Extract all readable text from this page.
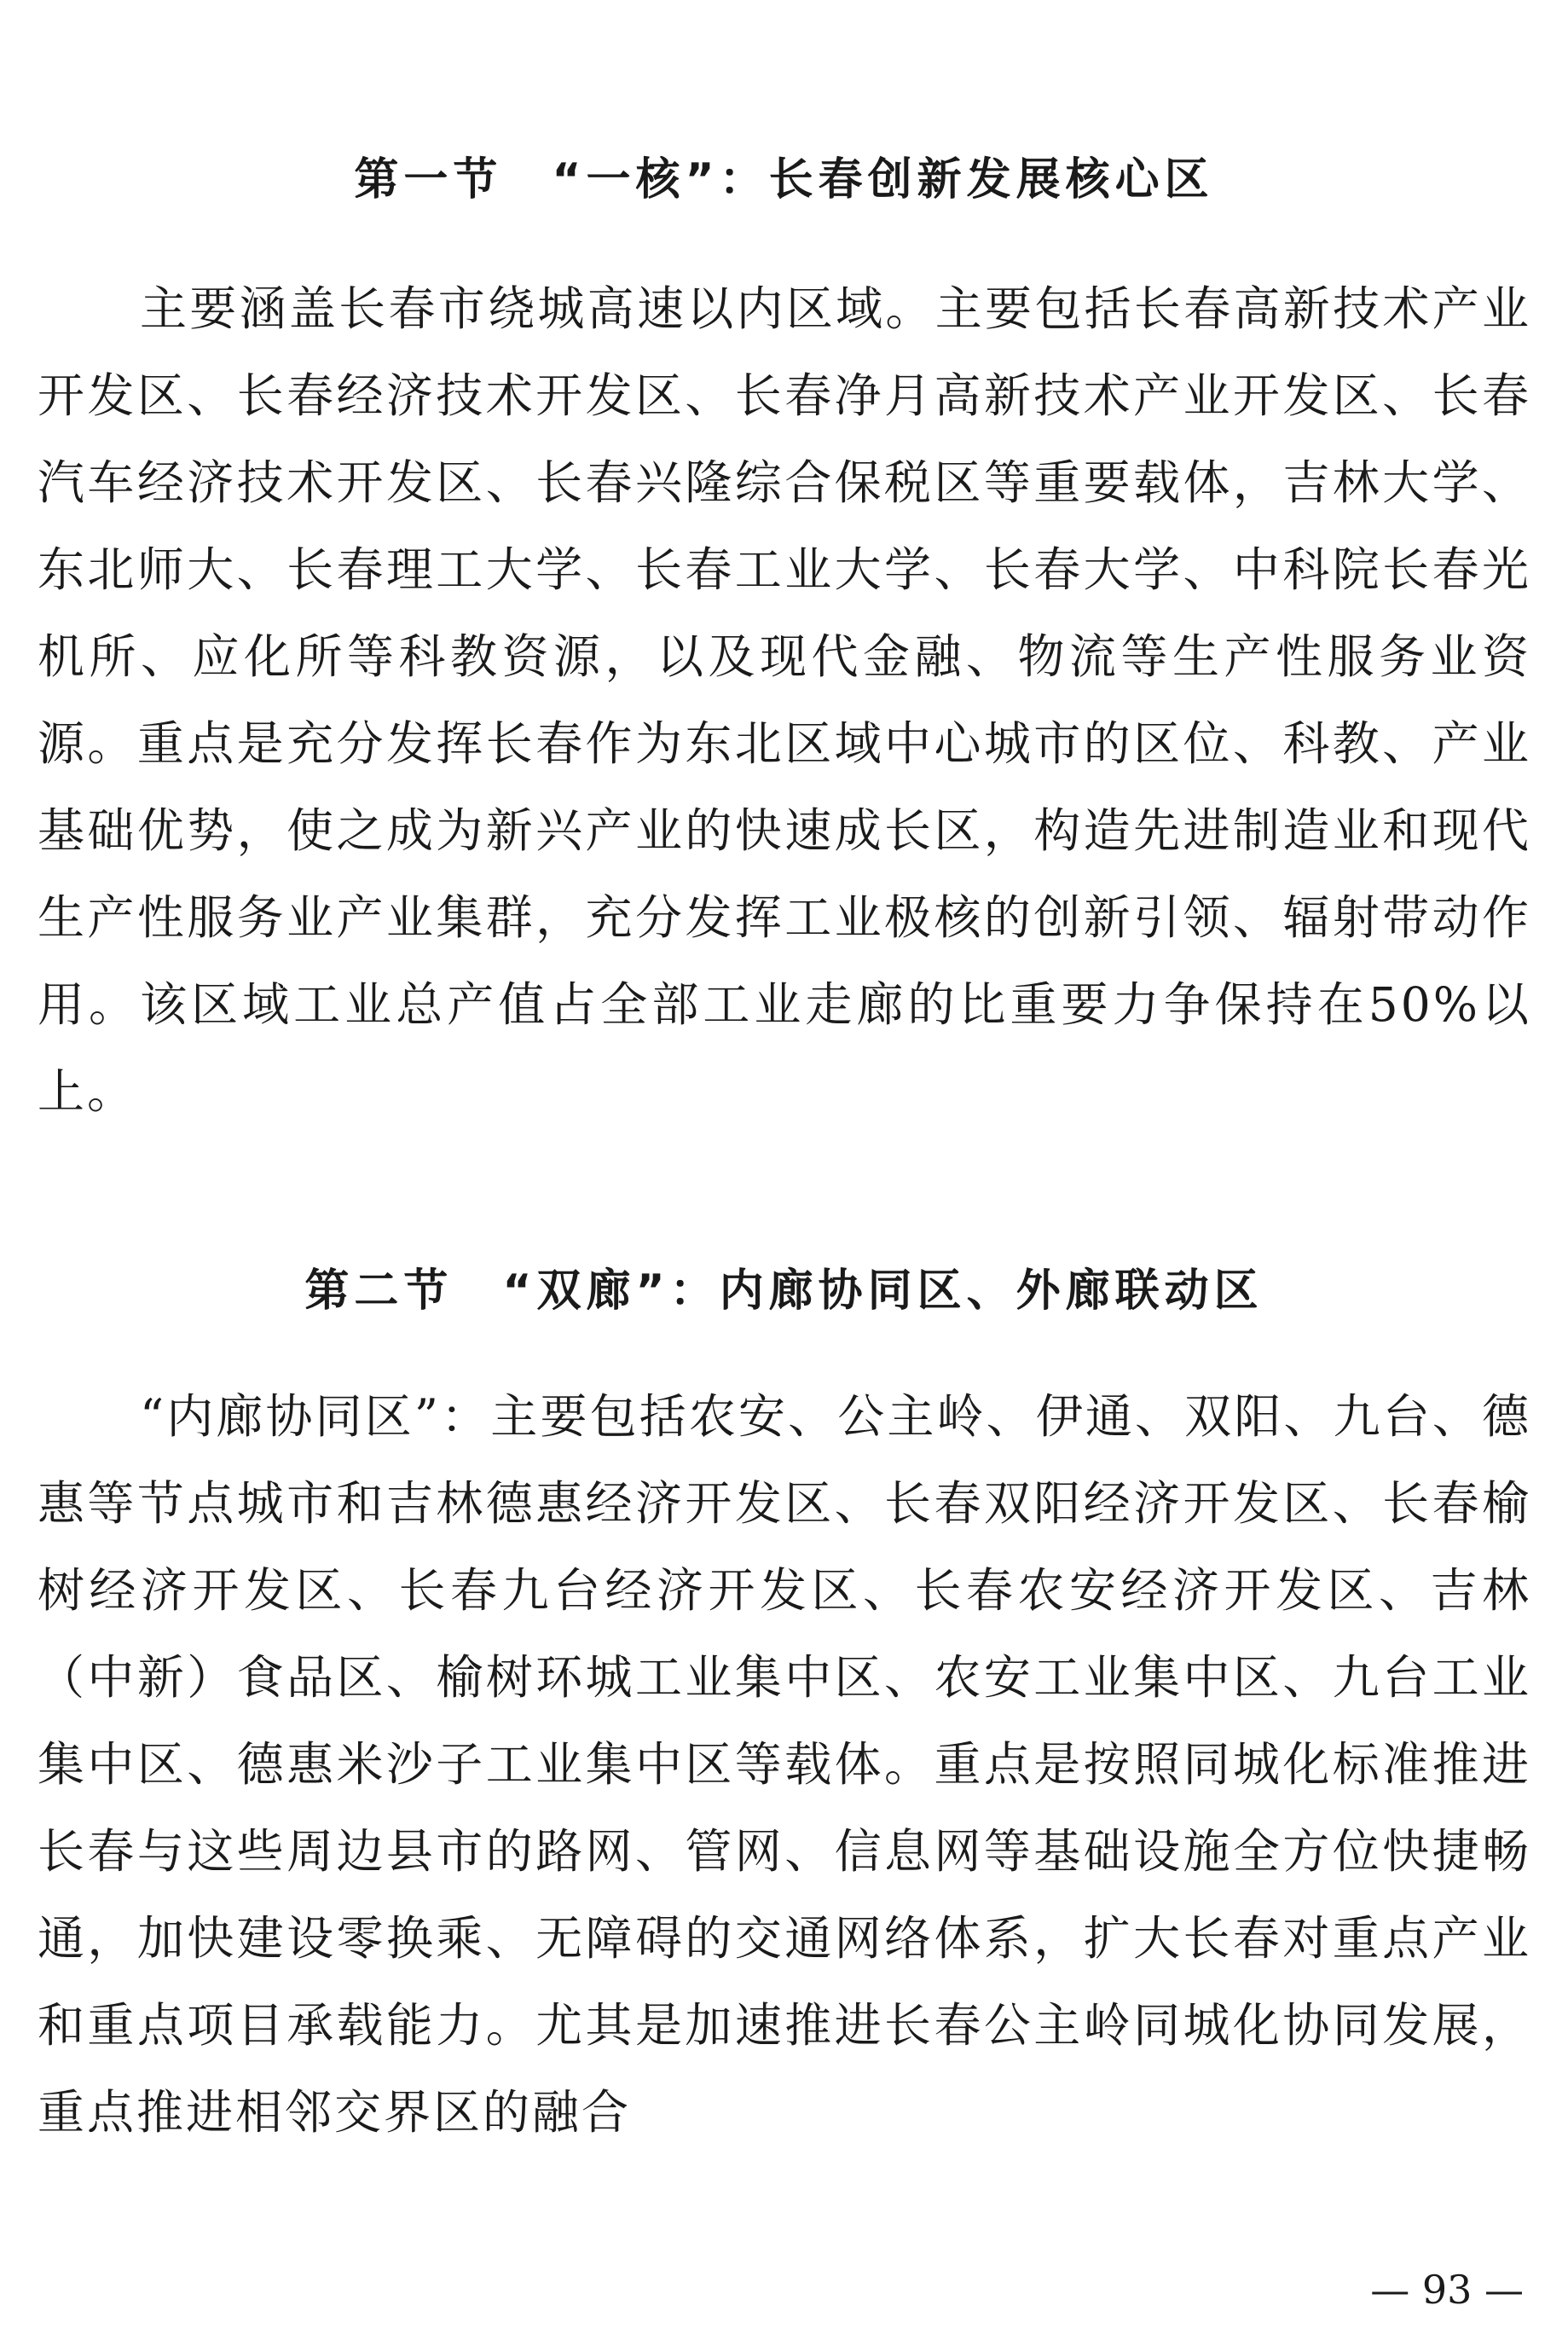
第一节　“一核”：长春创新发展核心区

主要涵盖长春市绕城高速以内区域。主要包括长春高新技术产业开发区、长春经济技术开发区、长春净月高新技术产业开发区、长春汽车经济技术开发区、长春兴隆综合保税区等重要载体，吉林大学、东北师大、长春理工大学、长春工业大学、长春大学、中科院长春光机所、应化所等科教资源，以及现代金融、物流等生产性服务业资源。重点是充分发挥长春作为东北区域中心城市的区位、科教、产业基础优势，使之成为新兴产业的快速成长区，构造先进制造业和现代生产性服务业产业集群，充分发挥工业极核的创新引领、辐射带动作用。该区域工业总产值占全部工业走廊的比重要力争保持在50%以上。

第二节　“双廊”：内廊协同区、外廊联动区

“内廊协同区”：主要包括农安、公主岭、伊通、双阳、九台、德惠等节点城市和吉林德惠经济开发区、长春双阳经济开发区、长春榆树经济开发区、长春九台经济开发区、长春农安经济开发区、吉林（中新）食品区、榆树环城工业集中区、农安工业集中区、九台工业集中区、德惠米沙子工业集中区等载体。重点是按照同城化标准推进长春与这些周边县市的路网、管网、信息网等基础设施全方位快捷畅通，加快建设零换乘、无障碍的交通网络体系，扩大长春对重点产业和重点项目承载能力。尤其是加速推进长春公主岭同城化协同发展，重点推进相邻交界区的融合

— 93 —
